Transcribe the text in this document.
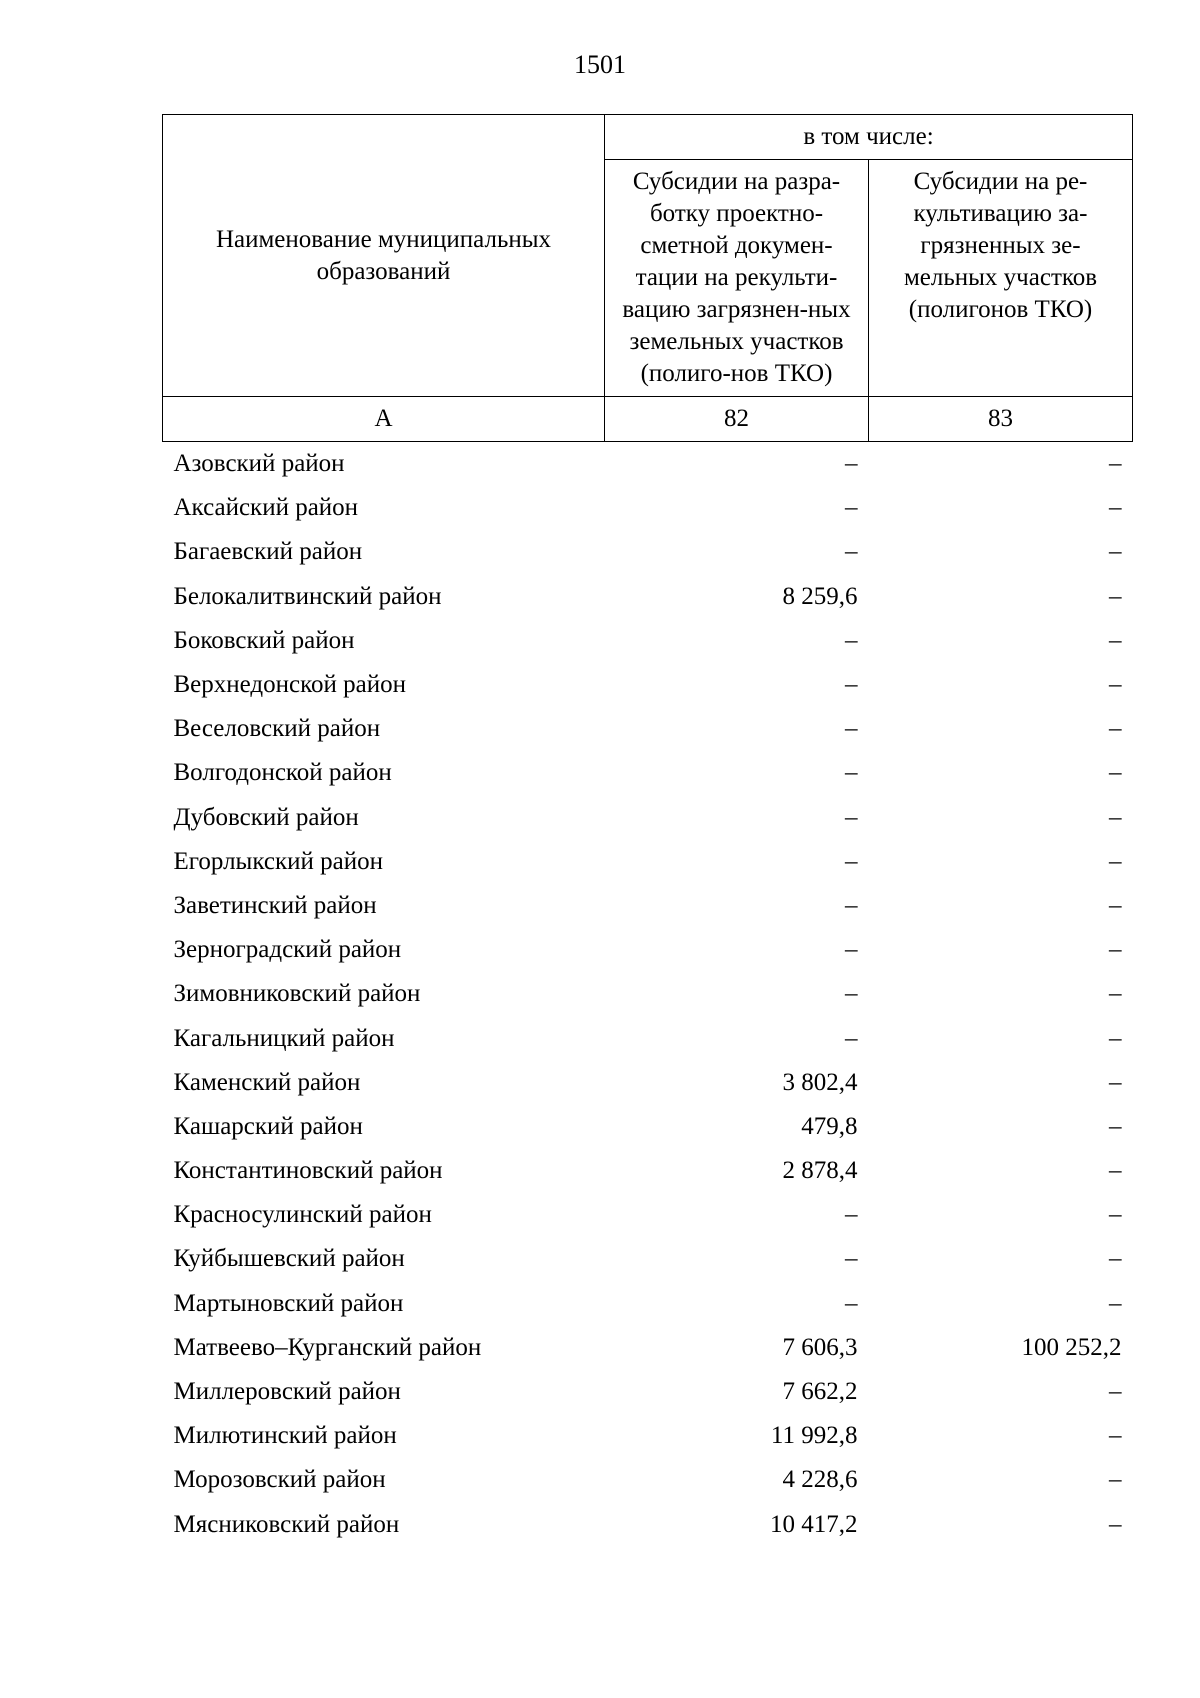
1501
Наименование муниципальных образований	в том числе:	
	Субсидии на разра-ботку проектно-сметной докумен-тации на рекульти-вацию загрязнен-ных земельных участков (полиго-нов ТКО)	Субсидии на ре-культивацию за-грязненных зе-мельных участков (полигонов ТКО)
А	82	83
Азовский район	–	–
Аксайский район	–	–
Багаевский район	–	–
Белокалитвинский район	8 259,6	–
Боковский район	–	–
Верхнедонской район	–	–
Веселовский район	–	–
Волгодонской район	–	–
Дубовский район	–	–
Егорлыкский район	–	–
Заветинский район	–	–
Зерноградский район	–	–
Зимовниковский район	–	–
Кагальницкий район	–	–
Каменский район	3 802,4	–
Кашарский район	479,8	–
Константиновский район	2 878,4	–
Красносулинский район	–	–
Куйбышевский район	–	–
Мартыновский район	–	–
Матвеево–Курганский район	7 606,3	100 252,2
Миллеровский район	7 662,2	–
Милютинский район	11 992,8	–
Морозовский район	4 228,6	–
Мясниковский район	10 417,2	–
